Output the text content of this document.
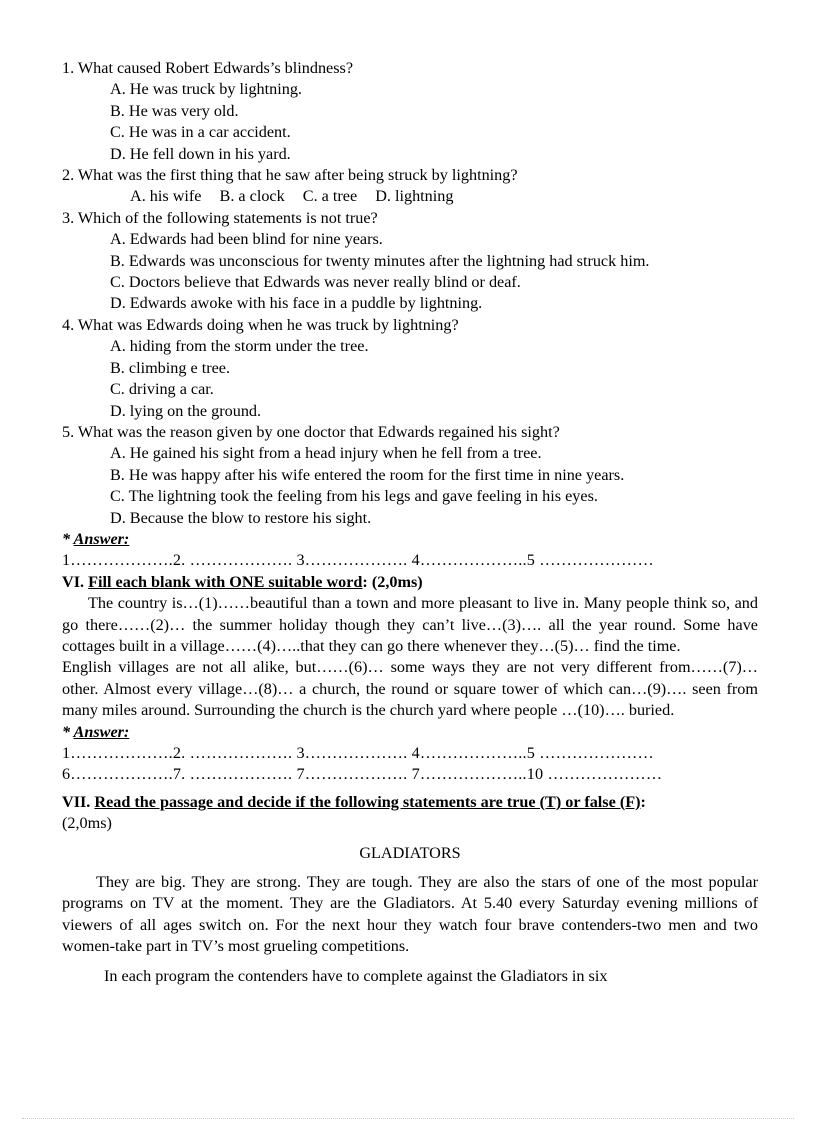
1. What caused Robert Edwards’s blindness?
A. He was truck by lightning.
B. He was very old.
C. He was in a car accident.
D. He fell down in his yard.
2. What was the first thing that he saw after being struck by lightning?
A. his wife B. a clock C. a tree D. lightning
3. Which of the following statements is not true?
A. Edwards had been blind for nine years.
B. Edwards was unconscious for twenty minutes after the lightning had struck him.
C. Doctors believe that Edwards was never really blind or deaf.
D. Edwards awoke with his face in a puddle by lightning.
4. What was Edwards doing when he was truck by lightning?
A. hiding from the storm under the tree.
B. climbing e tree.
C. driving a car.
D. lying on the ground.
5. What was the reason given by one doctor that Edwards regained his sight?
A. He gained his sight from a head injury when he fell from a tree.
B. He was happy after his wife entered the room for the first time in nine years.
C. The lightning took the feeling from his legs and gave feeling in his eyes.
D. Because the blow to restore his sight.
* Answer:
1……………….2. ………………. 3………………. 4………………..5 …………………
VI. Fill each blank with ONE suitable word: (2,0ms)
The country is…(1)……beautiful than a town and more pleasant to live in. Many people think so, and go there……(2)… the summer holiday though they can’t live…(3)…. all the year round. Some have cottages built in a village……(4)…..that they can go there whenever they…(5)… find the time.
English villages are not all alike, but……(6)… some ways they are not very different from……(7)… other. Almost every village…(8)… a church, the round or square tower of which can…(9)…. seen from many miles around. Surrounding the church is the church yard where people …(10)…. buried.
* Answer:
1……………….2. ………………. 3………………. 4………………..5 …………………
6……………….7. ………………. 7………………. 7………………..10 …………………
VII. Read the passage and decide if the following statements are true (T) or false (F):
(2,0ms)
GLADIATORS
They are big. They are strong. They are tough. They are also the stars of one of the most popular programs on TV at the moment. They are the Gladiators. At 5.40 every Saturday evening millions of viewers of all ages switch on. For the next hour they watch four brave contenders-two men and two women-take part in TV’s most grueling competitions.
In each program the contenders have to complete against the Gladiators in six
